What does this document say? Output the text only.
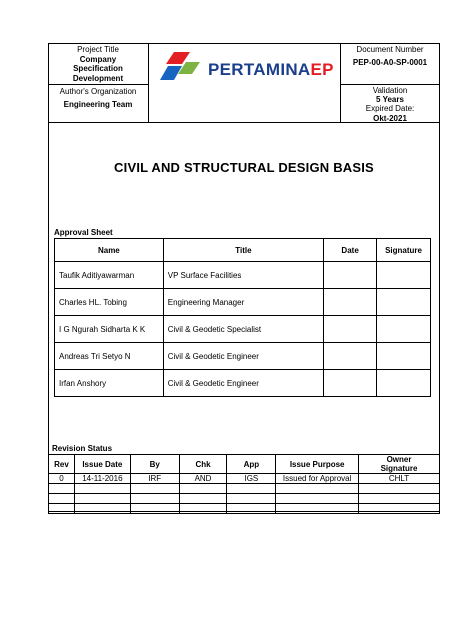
Project Title
Company Specification Development
Author's Organization
Engineering Team
PERTAMINAEP
Document Number
PEP-00-A0-SP-0001
Validation
5 Years
Expired Date:
Okt-2021
CIVIL AND STRUCTURAL DESIGN BASIS
Approval Sheet
Name	Title	Date	Signature
Taufik Aditiyawarman	VP Surface Facilities		
Charles HL. Tobing	Engineering Manager		
I G Ngurah Sidharta K K	Civil & Geodetic Specialist		
Andreas Tri Setyo N	Civil & Geodetic Engineer		
Irfan Anshory	Civil & Geodetic Engineer		
Revision Status
Rev	Issue Date	By	Chk	App	Issue Purpose	Owner Signature
0	14-11-2016	IRF	AND	IGS	Issued for Approval	CHLT
